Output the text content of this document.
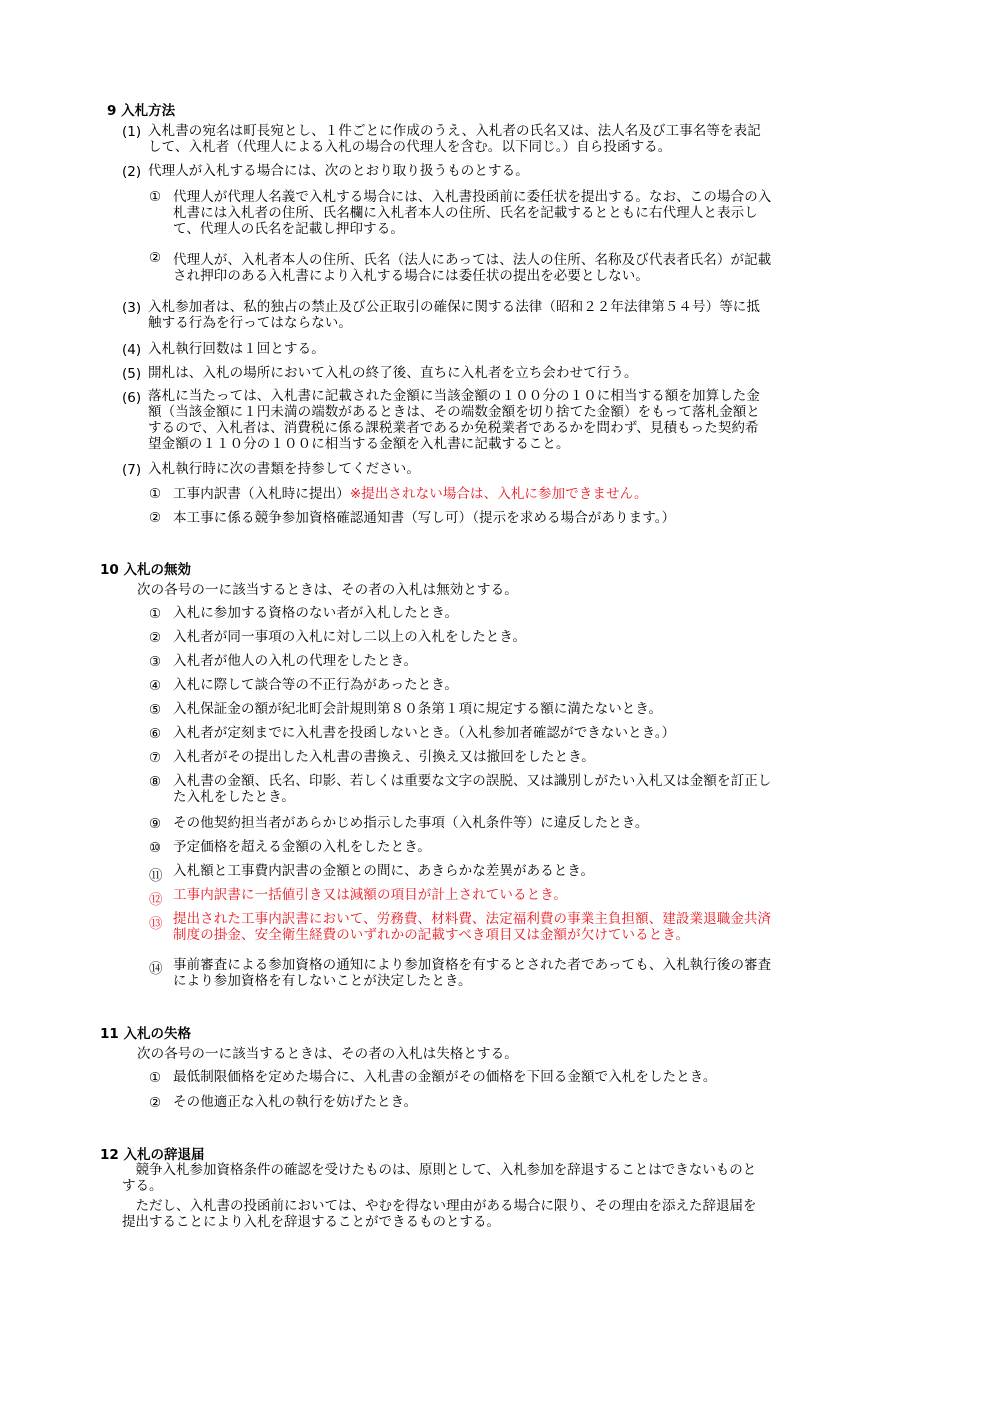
9 入札方法
(1) 入札書の宛名は町長宛とし、１件ごとに作成のうえ、入札者の氏名又は、法人名及び工事名等を表記
して、入札者（代理人による入札の場合の代理人を含む。以下同じ。）自ら投函する。
(2) 代理人が入札する場合には、次のとおり取り扱うものとする。
① 代理人が代理人名義で入札する場合には、入札書投函前に委任状を提出する。なお、この場合の入
札書には入札者の住所、氏名欄に入札者本人の住所、氏名を記載するとともに右代理人と表示し
て、代理人の氏名を記載し押印する。
② 代理人が、入札者本人の住所、氏名（法人にあっては、法人の住所、名称及び代表者氏名）が記載
され押印のある入札書により入札する場合には委任状の提出を必要としない。
(3) 入札参加者は、私的独占の禁止及び公正取引の確保に関する法律（昭和２２年法律第５４号）等に抵
触する行為を行ってはならない。
(4) 入札執行回数は１回とする。
(5) 開札は、入札の場所において入札の終了後、直ちに入札者を立ち会わせて行う。
(6) 落札に当たっては、入札書に記載された金額に当該金額の１００分の１０に相当する額を加算した金
額（当該金額に１円未満の端数があるときは、その端数金額を切り捨てた金額）をもって落札金額と
するので、入札者は、消費税に係る課税業者であるか免税業者であるかを問わず、見積もった契約希
望金額の１１０分の１００に相当する金額を入札書に記載すること。
(7) 入札執行時に次の書類を持参してください。
① 工事内訳書（入札時に提出）※提出されない場合は、入札に参加できません。
② 本工事に係る競争参加資格確認通知書（写し可）（提示を求める場合があります。）
10 入札の無効
次の各号の一に該当するときは、その者の入札は無効とする。
① 入札に参加する資格のない者が入札したとき。
② 入札者が同一事項の入札に対し二以上の入札をしたとき。
③ 入札者が他人の入札の代理をしたとき。
④ 入札に際して談合等の不正行為があったとき。
⑤ 入札保証金の額が紀北町会計規則第８０条第１項に規定する額に満たないとき。
⑥ 入札者が定刻までに入札書を投函しないとき。（入札参加者確認ができないとき。）
⑦ 入札者がその提出した入札書の書換え、引換え又は撤回をしたとき。
⑧ 入札書の金額、氏名、印影、若しくは重要な文字の誤脱、又は識別しがたい入札又は金額を訂正し
た入札をしたとき。
⑨ その他契約担当者があらかじめ指示した事項（入札条件等）に違反したとき。
⑩ 予定価格を超える金額の入札をしたとき。
⑪ 入札額と工事費内訳書の金額との間に、あきらかな差異があるとき。
⑫ 工事内訳書に一括値引き又は減額の項目が計上されているとき。
⑬ 提出された工事内訳書において、労務費、材料費、法定福利費の事業主負担額、建設業退職金共済
制度の掛金、安全衛生経費のいずれかの記載すべき項目又は金額が欠けているとき。
⑭ 事前審査による参加資格の通知により参加資格を有するとされた者であっても、入札執行後の審査
により参加資格を有しないことが決定したとき。
11 入札の失格
次の各号の一に該当するときは、その者の入札は失格とする。
① 最低制限価格を定めた場合に、入札書の金額がその価格を下回る金額で入札をしたとき。
② その他適正な入札の執行を妨げたとき。
12 入札の辞退届
　競争入札参加資格条件の確認を受けたものは、原則として、入札参加を辞退することはできないものと
する。
　ただし、入札書の投函前においては、やむを得ない理由がある場合に限り、その理由を添えた辞退届を
提出することにより入札を辞退することができるものとする。
